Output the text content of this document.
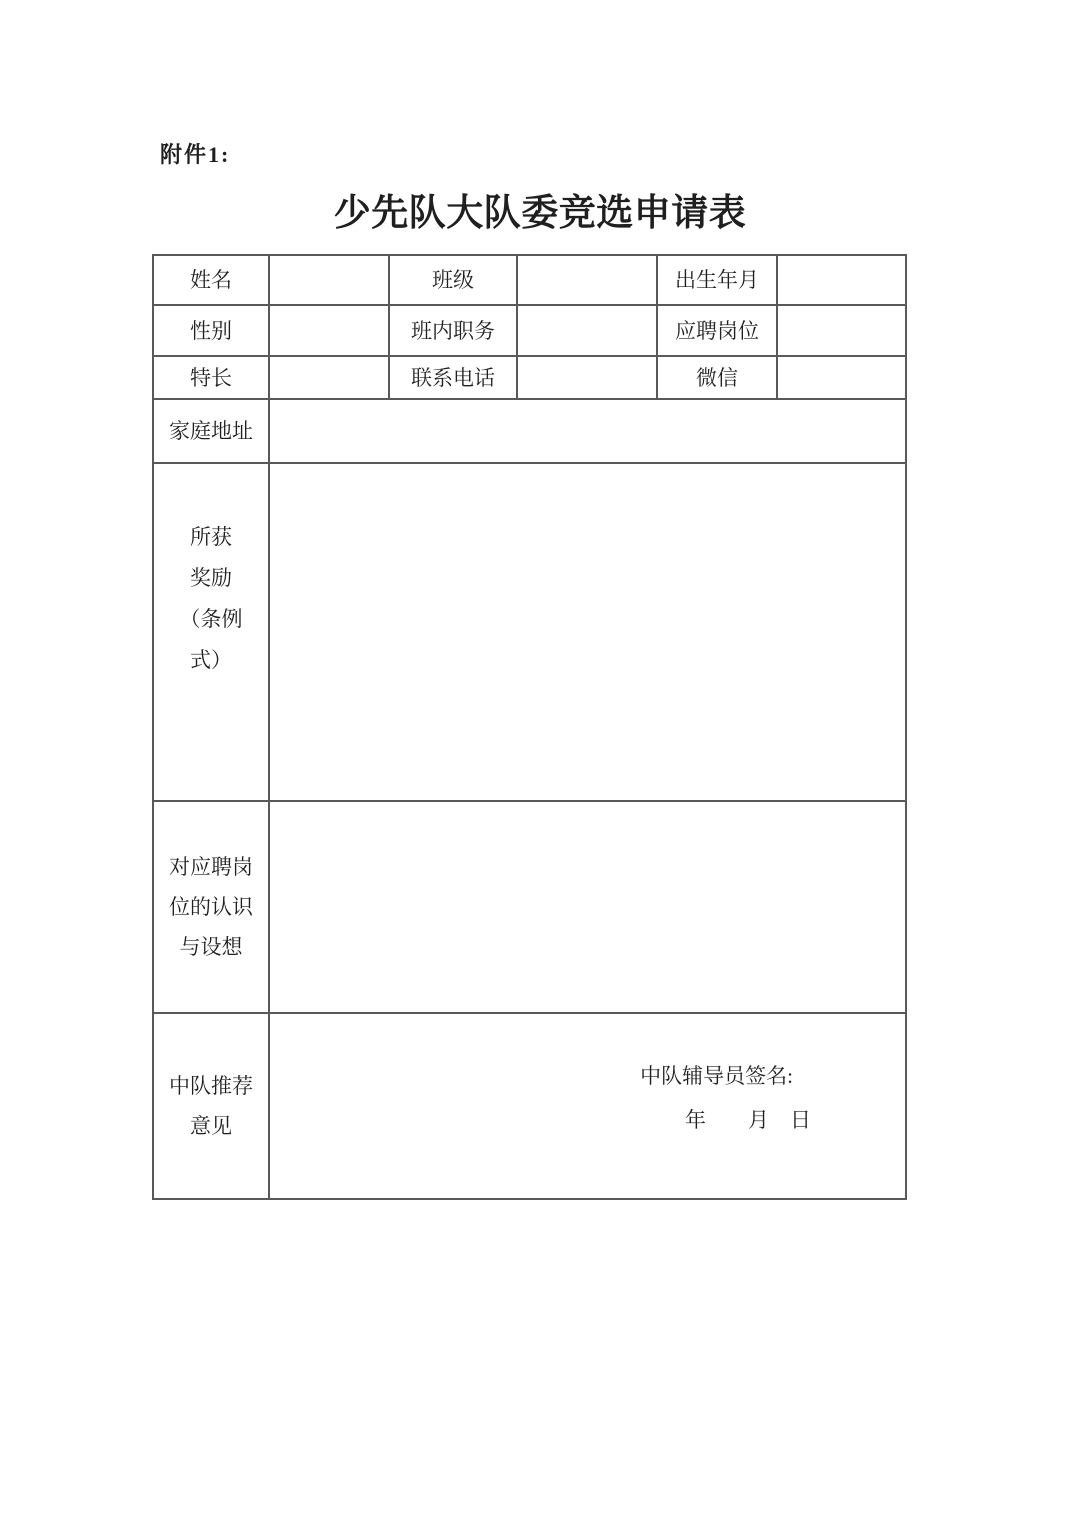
附件1:
少先队大队委竞选申请表
姓名		班级		出生年月	
性别		班内职务		应聘岗位	
特长		联系电话		微信	
家庭地址					

所获
奖励
（条例
式）					

对应聘岗
位的认识
与设想					

中队推荐
意见

中队辅导员签名:
年　　月　日
